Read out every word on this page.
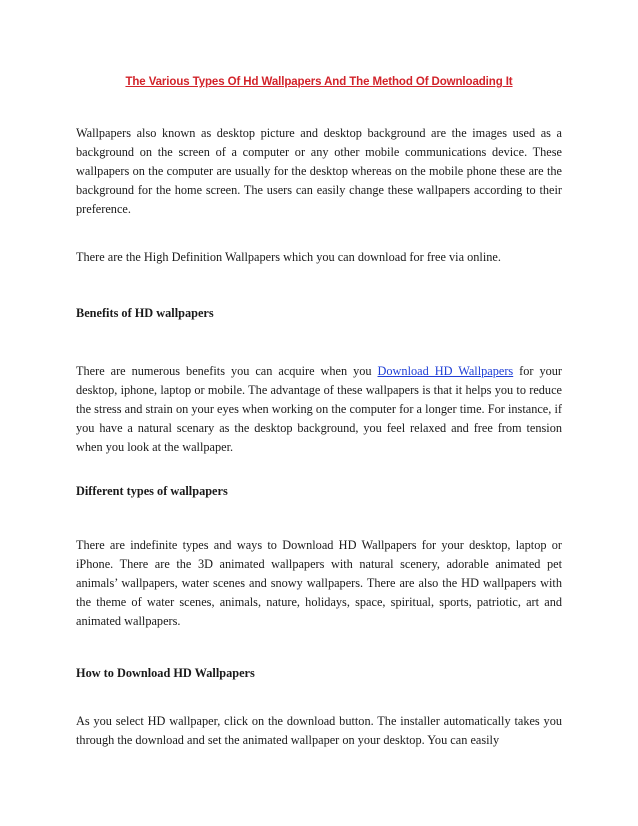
The Various Types Of Hd Wallpapers And The Method Of Downloading It

Wallpapers also known as desktop picture and desktop background are the images used as a background on the screen of a computer or any other mobile communications device. These wallpapers on the computer are usually for the desktop whereas on the mobile phone these are the background for the home screen. The users can easily change these wallpapers according to their preference.

There are the High Definition Wallpapers which you can download for free via online.

Benefits of HD wallpapers

There are numerous benefits you can acquire when you Download HD Wallpapers for your desktop, iphone, laptop or mobile. The advantage of these wallpapers is that it helps you to reduce the stress and strain on your eyes when working on the computer for a longer time. For instance, if you have a natural scenary as the desktop background, you feel relaxed and free from tension when you look at the wallpaper.

Different types of wallpapers

There are indefinite types and ways to Download HD Wallpapers for your desktop, laptop or iPhone. There are the 3D animated wallpapers with natural scenery, adorable animated pet animals’ wallpapers, water scenes and snowy wallpapers. There are also the HD wallpapers with the theme of water scenes, animals, nature, holidays, space, spiritual, sports, patriotic, art and animated wallpapers.

How to Download HD Wallpapers

As you select HD wallpaper, click on the download button. The installer automatically takes you through the download and set the animated wallpaper on your desktop. You can easily
